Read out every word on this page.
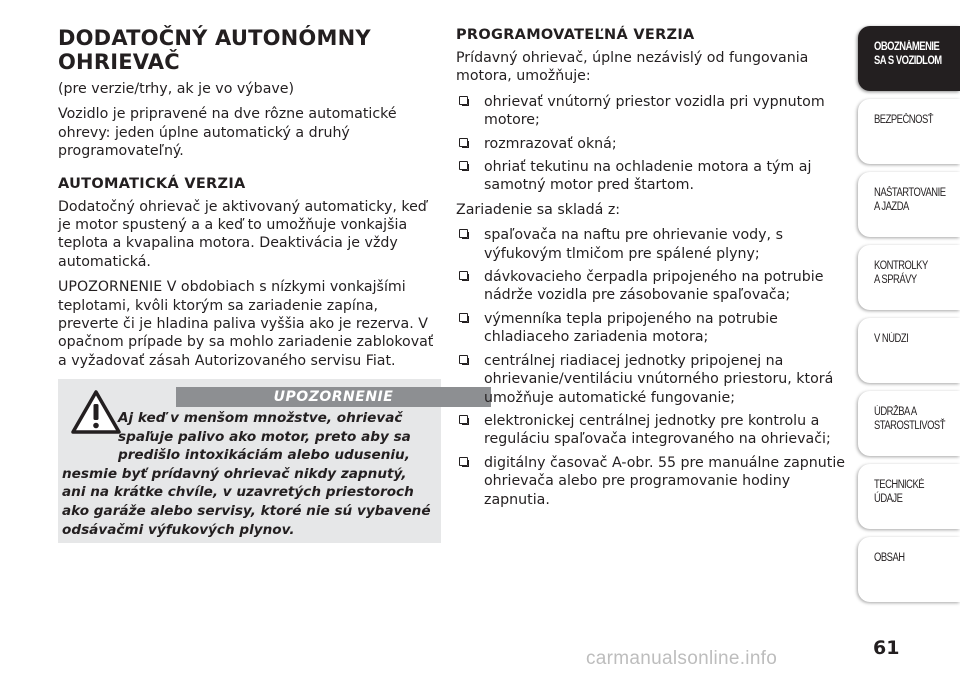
DODATOČNÝ AUTONÓMNY OHRIEVAČ

(pre verzie/trhy, ak je vo výbave)

Vozidlo je pripravené na dve rôzne automatické ohrevy: jeden úplne automatický a druhý programovateľný.

AUTOMATICKÁ VERZIA

Dodatočný ohrievač je aktivovaný automaticky, keď je motor spustený a a keď to umožňuje vonkajšia teplota a kvapalina motora. Deaktivácia je vždy automatická.

UPOZORNENIE V obdobiach s nízkymi vonkajšími teplotami, kvôli ktorým sa zariadenie zapína, preverte či je hladina paliva vyššia ako je rezerva. V opačnom prípade by sa mohlo zariadenie zablokovať a vyžadovať zásah Autorizovaného servisu Fiat.

UPOZORNENIE
Aj keď v menšom množstve, ohrievač spaľuje palivo ako motor, preto aby sa predišlo intoxikáciám alebo uduseniu, nesmie byť prídavný ohrievač nikdy zapnutý, ani na krátke chvíle, v uzavretých priestoroch ako garáže alebo servisy, ktoré nie sú vybavené odsávačmi výfukových plynov.
PROGRAMOVATEĽNÁ VERZIA

Prídavný ohrievač, úplne nezávislý od fungovania motora, umožňuje:

ohrievať vnútorný priestor vozidla pri vypnutom motore;
rozmrazovať okná;
ohriať tekutinu na ochladenie motora a tým aj samotný motor pred štartom.

Zariadenie sa skladá z:

spaľovača na naftu pre ohrievanie vody, s výfukovým tlmičom pre spálené plyny;
dávkovacieho čerpadla pripojeného na potrubie nádrže vozidla pre zásobovanie spaľovača;
výmenníka tepla pripojeného na potrubie chladiaceho zariadenia motora;
centrálnej riadiacej jednotky pripojenej na ohrievanie/ventiláciu vnútorného priestoru, ktorá umožňuje automatické fungovanie;
elektronickej centrálnej jednotky pre kontrolu a reguláciu spaľovača integrovaného na ohrievači;
digitálny časovač A-obr. 55 pre manuálne zapnutie ohrievača alebo pre programovanie hodiny zapnutia.
OBOZNÁMENIE
SA S VOZIDLOM
BEZPEČNOSŤ
NAŠTARTOVANIE
A JAZDA
KONTROLKY
A SPRÁVY
V NÚDZI
ÚDRŽBA A
STAROSTLIVOSŤ
TECHNICKÉ
ÚDAJE
OBSAH
61
carmanualsonline.info
